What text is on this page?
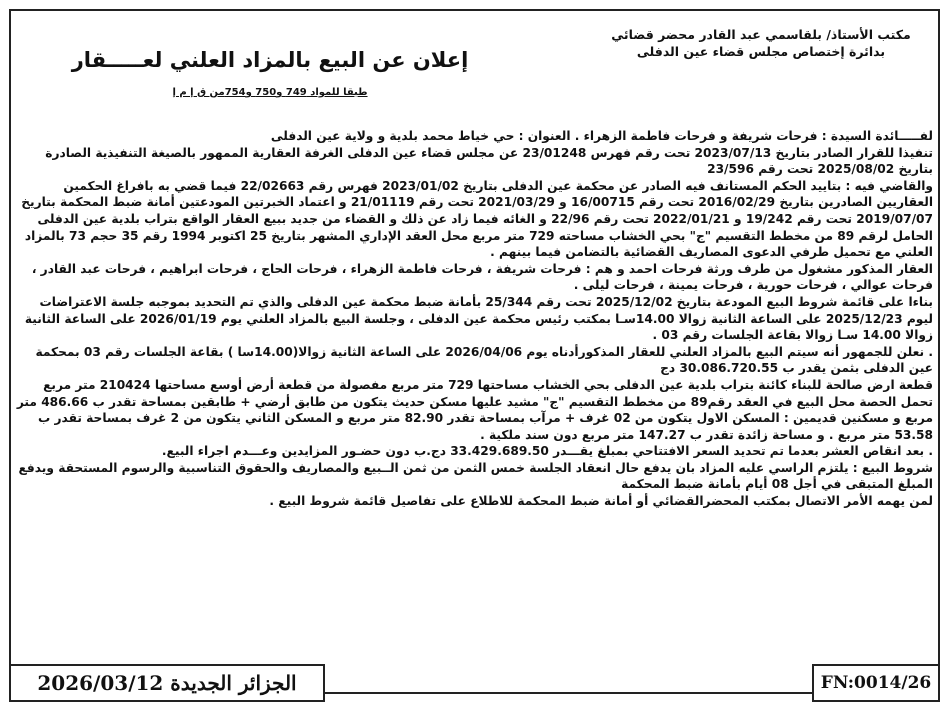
مكتب الأستاذ/ بلقاسمي عبد القادر محضر قضائي
بدائرة إختصاص مجلس قضاء عين الدفلى
إعلان عن البيع بالمزاد العلني لعـــــقار
طبقا للمواد 749 و750 و754من ق إ م إ

لفـــــائدة السيدة : فرحات شريفة و فرحات فاطمة الزهراء . العنوان : حي خياط محمد بلدية و ولاية عين الدفلى

تنفيذا للقرار الصادر بتاريخ 2023/07/13 تحت رقم فهرس 23/01248 عن مجلس قضاء عين الدفلى الغرفة العقارية الممهور بالصيغة التنفيذية الصادرة بتاريخ 2025/08/02 تحت رقم 23/596

والقاضي فيه : بتاييد الحكم المستانف فيه الصادر عن محكمة عين الدفلى بتاريخ 2023/01/02 فهرس رقم 22/02663 فيما قضي به بافراغ الحكمين العقاريين الصادرين بتاريخ 2016/02/29 تحت رقم 16/00715 و 2021/03/29 تحت رقم 21/01119 و اعتماد الخبرتين المودعتين أمانة ضبط المحكمة بتاريخ 2019/07/07 تحت رقم 19/242 و 2022/01/21 تحت رقم 22/96 و الغائه فيما زاد عن ذلك و القضاء من جديد ببيع العقار الواقع بتراب بلدية عين الدفلى الحامل لرقم 89 من مخطط التقسيم "ج" بحي الخشاب مساحته 729 متر مربع محل العقد الإداري المشهر بتاريخ 25 اكتوبر 1994 رقم 35 حجم 73 بالمزاد العلني مع تحميل طرفي الدعوى المصاريف القضائية بالتضامن فيما بينهم .

العقار المذكور مشغول من طرف ورثة فرحات احمد و هم : فرحات شريفة ، فرحات فاطمة الزهراء ، فرحات الحاج ، فرحات ابراهيم ، فرحات عبد القادر ، فرحات عوالي ، فرحات حورية ، فرحات يمينة ، فرحات ليلى .

بناءا على قائمة شروط البيع المودعة بتاريخ 2025/12/02 تحت رقم 25/344 بأمانة ضبط محكمة عين الدفلى والذي تم التحديد بموجبه جلسة الاعتراضات ليوم 2025/12/23 على الساعة الثانية زوالا 14.00سـا بمكتب رئيس محكمة عين الدفلى ، وجلسة البيع بالمزاد العلني يوم 2026/01/19 على الساعة الثانية زوالا 14.00 سـا زوالا بقاعة الجلسات رقم 03 .

. نعلن للجمهور أنه سيتم البيع بالمزاد العلني للعقار المذكورأدناه يوم 2026/04/06 على الساعة الثانية زوالا(14.00سا ) بقاعة الجلسات رقم 03 بمحكمة عين الدفلى بثمن يقدر ب 30.086.720.55 دج

قطعة ارض صالحة للبناء كائنة بتراب بلدية عين الدفلى بحي الخشاب مساحتها 729 متر مربع مفصولة من قطعة أرض أوسع مساحتها 210424 متر مربع تحمل الحصة محل البيع في العقد رقم89 من مخطط التقسيم "ج" مشيد عليها مسكن حديث يتكون من طابق أرضي + طابقين بمساحة تقدر ب 486.66 متر مربع و مسكنين قديمين : المسكن الاول يتكون من 02 غرف + مرآب بمساحة تقدر 82.90 متر مربع و المسكن الثاني يتكون من 2 غرف بمساحة تقدر ب 53.58 متر مربع . و مساحة زائدة تقدر ب 147.27 متر مربع دون سند ملكية .

. بعد انقاص العشر بعدما تم تحديد السعر الافتتاحي بمبلغ يقـــدر 33.429.689.50 دج.ب دون حضـور المزايدين وعـــدم اجراء البيع.

شروط البيع : يلتزم الراسي عليه المزاد بان يدفع حال انعقاد الجلسة خمس الثمن من ثمن الــبيع والمصاريف والحقوق التناسبية والرسوم المستحقة ويدفع المبلغ المتبقى في أجل 08 أيام بأمانة ضبط المحكمة

لمن يهمه الأمر الاتصال بمكتب المحضرالقضائي أو أمانة ضبط المحكمة للاطلاع على تفاصيل قائمة شروط البيع .

الجزائر الجديدة 2026/03/12	FN:0014/26
